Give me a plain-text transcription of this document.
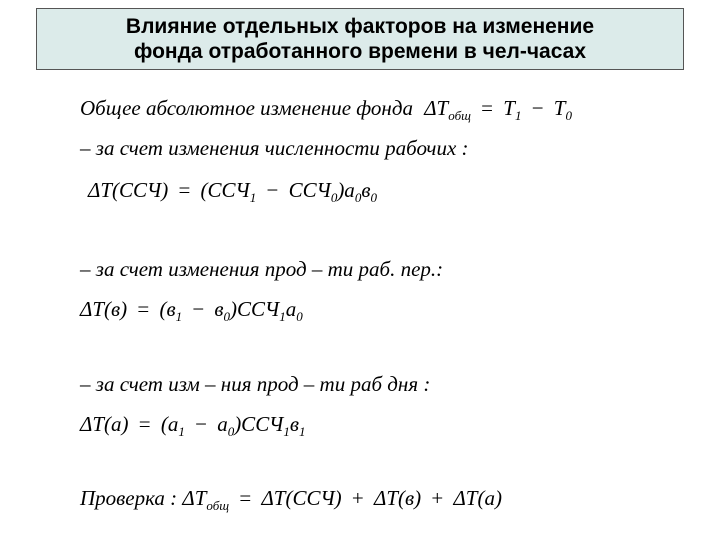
Влияние отдельных факторов на изменение
фонда отработанного времени в чел-часах
Общее абсолютное изменение фонда $\Delta T_{общ} = T_1 - T_0$
– за счет изменения численности рабочих :
$\Delta T(ССЧ) = (ССЧ_1 - ССЧ_0)a_0в_0$
– за счет изменения прод – ти раб. пер.:
$\Delta T(в) = (в_1 - в_0)ССЧ_1a_0$
– за счет изм – ния прод – ти раб дня :
$\Delta T(a) = (a_1 - a_0)ССЧ_1в_1$
Проверка : $\Delta T_{общ} = \Delta T(ССЧ) + \Delta T(в) + \Delta T(a)$
